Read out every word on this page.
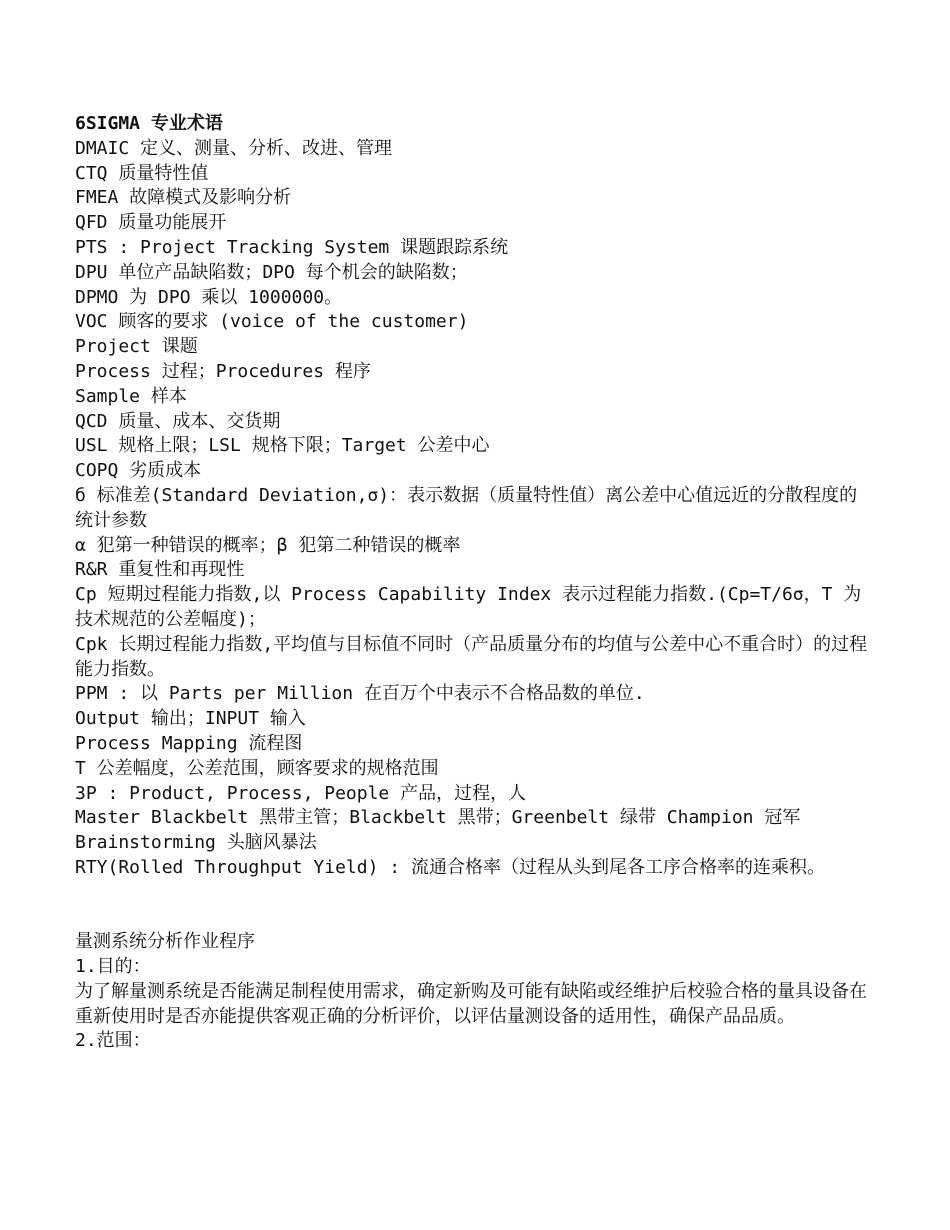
6SIGMA 专业术语
DMAIC 定义、测量、分析、改进、管理
CTQ 质量特性值
FMEA 故障模式及影响分析
QFD 质量功能展开
PTS : Project Tracking System 课题跟踪系统
DPU 单位产品缺陷数；DPO 每个机会的缺陷数；
DPMO 为 DPO 乘以 1000000。
VOC 顾客的要求 (voice of the customer)
Project 课题
Process 过程；Procedures 程序
Sample 样本
QCD 质量、成本、交货期
USL 规格上限；LSL 规格下限；Target 公差中心
COPQ 劣质成本
б 标准差(Standard Deviation,σ)：表示数据（质量特性值）离公差中心值远近的分散程度的统计参数
α 犯第一种错误的概率；β 犯第二种错误的概率
R&R 重复性和再现性
Cp 短期过程能力指数,以 Process Capability Index 表示过程能力指数.(Cp=T/6σ，T 为技术规范的公差幅度)；
Cpk 长期过程能力指数,平均值与目标值不同时（产品质量分布的均值与公差中心不重合时）的过程能力指数。
PPM : 以 Parts per Million 在百万个中表示不合格品数的单位.
Output 输出；INPUT 输入
Process Mapping 流程图
T 公差幅度，公差范围，顾客要求的规格范围
3P : Product, Process, People 产品，过程，人
Master Blackbelt 黑带主管；Blackbelt 黑带；Greenbelt 绿带 Champion 冠军
Brainstorming 头脑风暴法
RTY(Rolled Throughput Yield) : 流通合格率（过程从头到尾各工序合格率的连乘积。
量测系统分析作业程序
1.目的：
为了解量测系统是否能满足制程使用需求，确定新购及可能有缺陷或经维护后校验合格的量具设备在重新使用时是否亦能提供客观正确的分析评价，以评估量测设备的适用性，确保产品品质。
2.范围：
